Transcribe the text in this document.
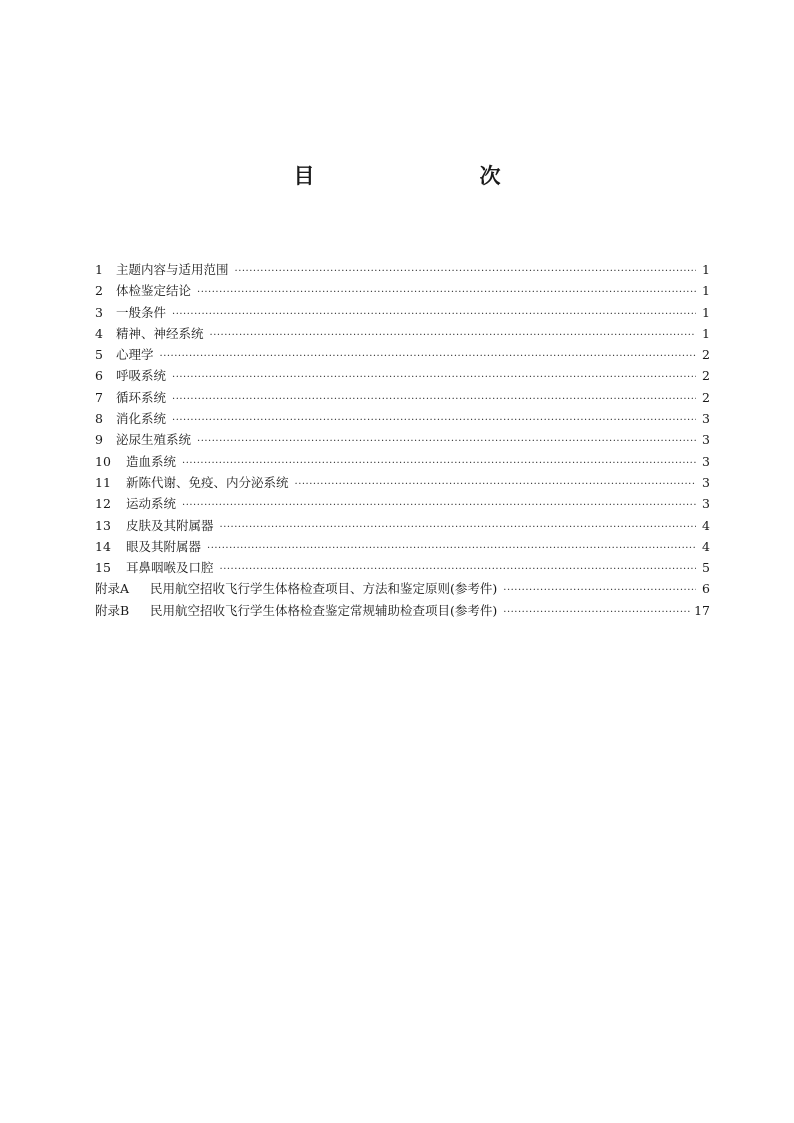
目　次
1	主题内容与适用范围 ·····	1
2	体检鉴定结论 ·····	1
3	一般条件 ·····	1
4	精神、神经系统 ·····	1
5	心理学 ·····	2
6	呼吸系统 ·····	2
7	循环系统 ·····	2
8	消化系统 ·····	3
9	泌尿生殖系统 ·····	3
10	造血系统 ·····	3
11	新陈代谢、免疫、内分泌系统 ·····	3
12	运动系统 ·····	3
13	皮肤及其附属器 ·····	4
14	眼及其附属器 ·····	4
15	耳鼻咽喉及口腔 ·····	5
附录A	民用航空招收飞行学生体格检查项目、方法和鉴定原则(参考件) ·····	6
附录B	民用航空招收飞行学生体格检查鉴定常规辅助检查项目(参考件) ·····	17
